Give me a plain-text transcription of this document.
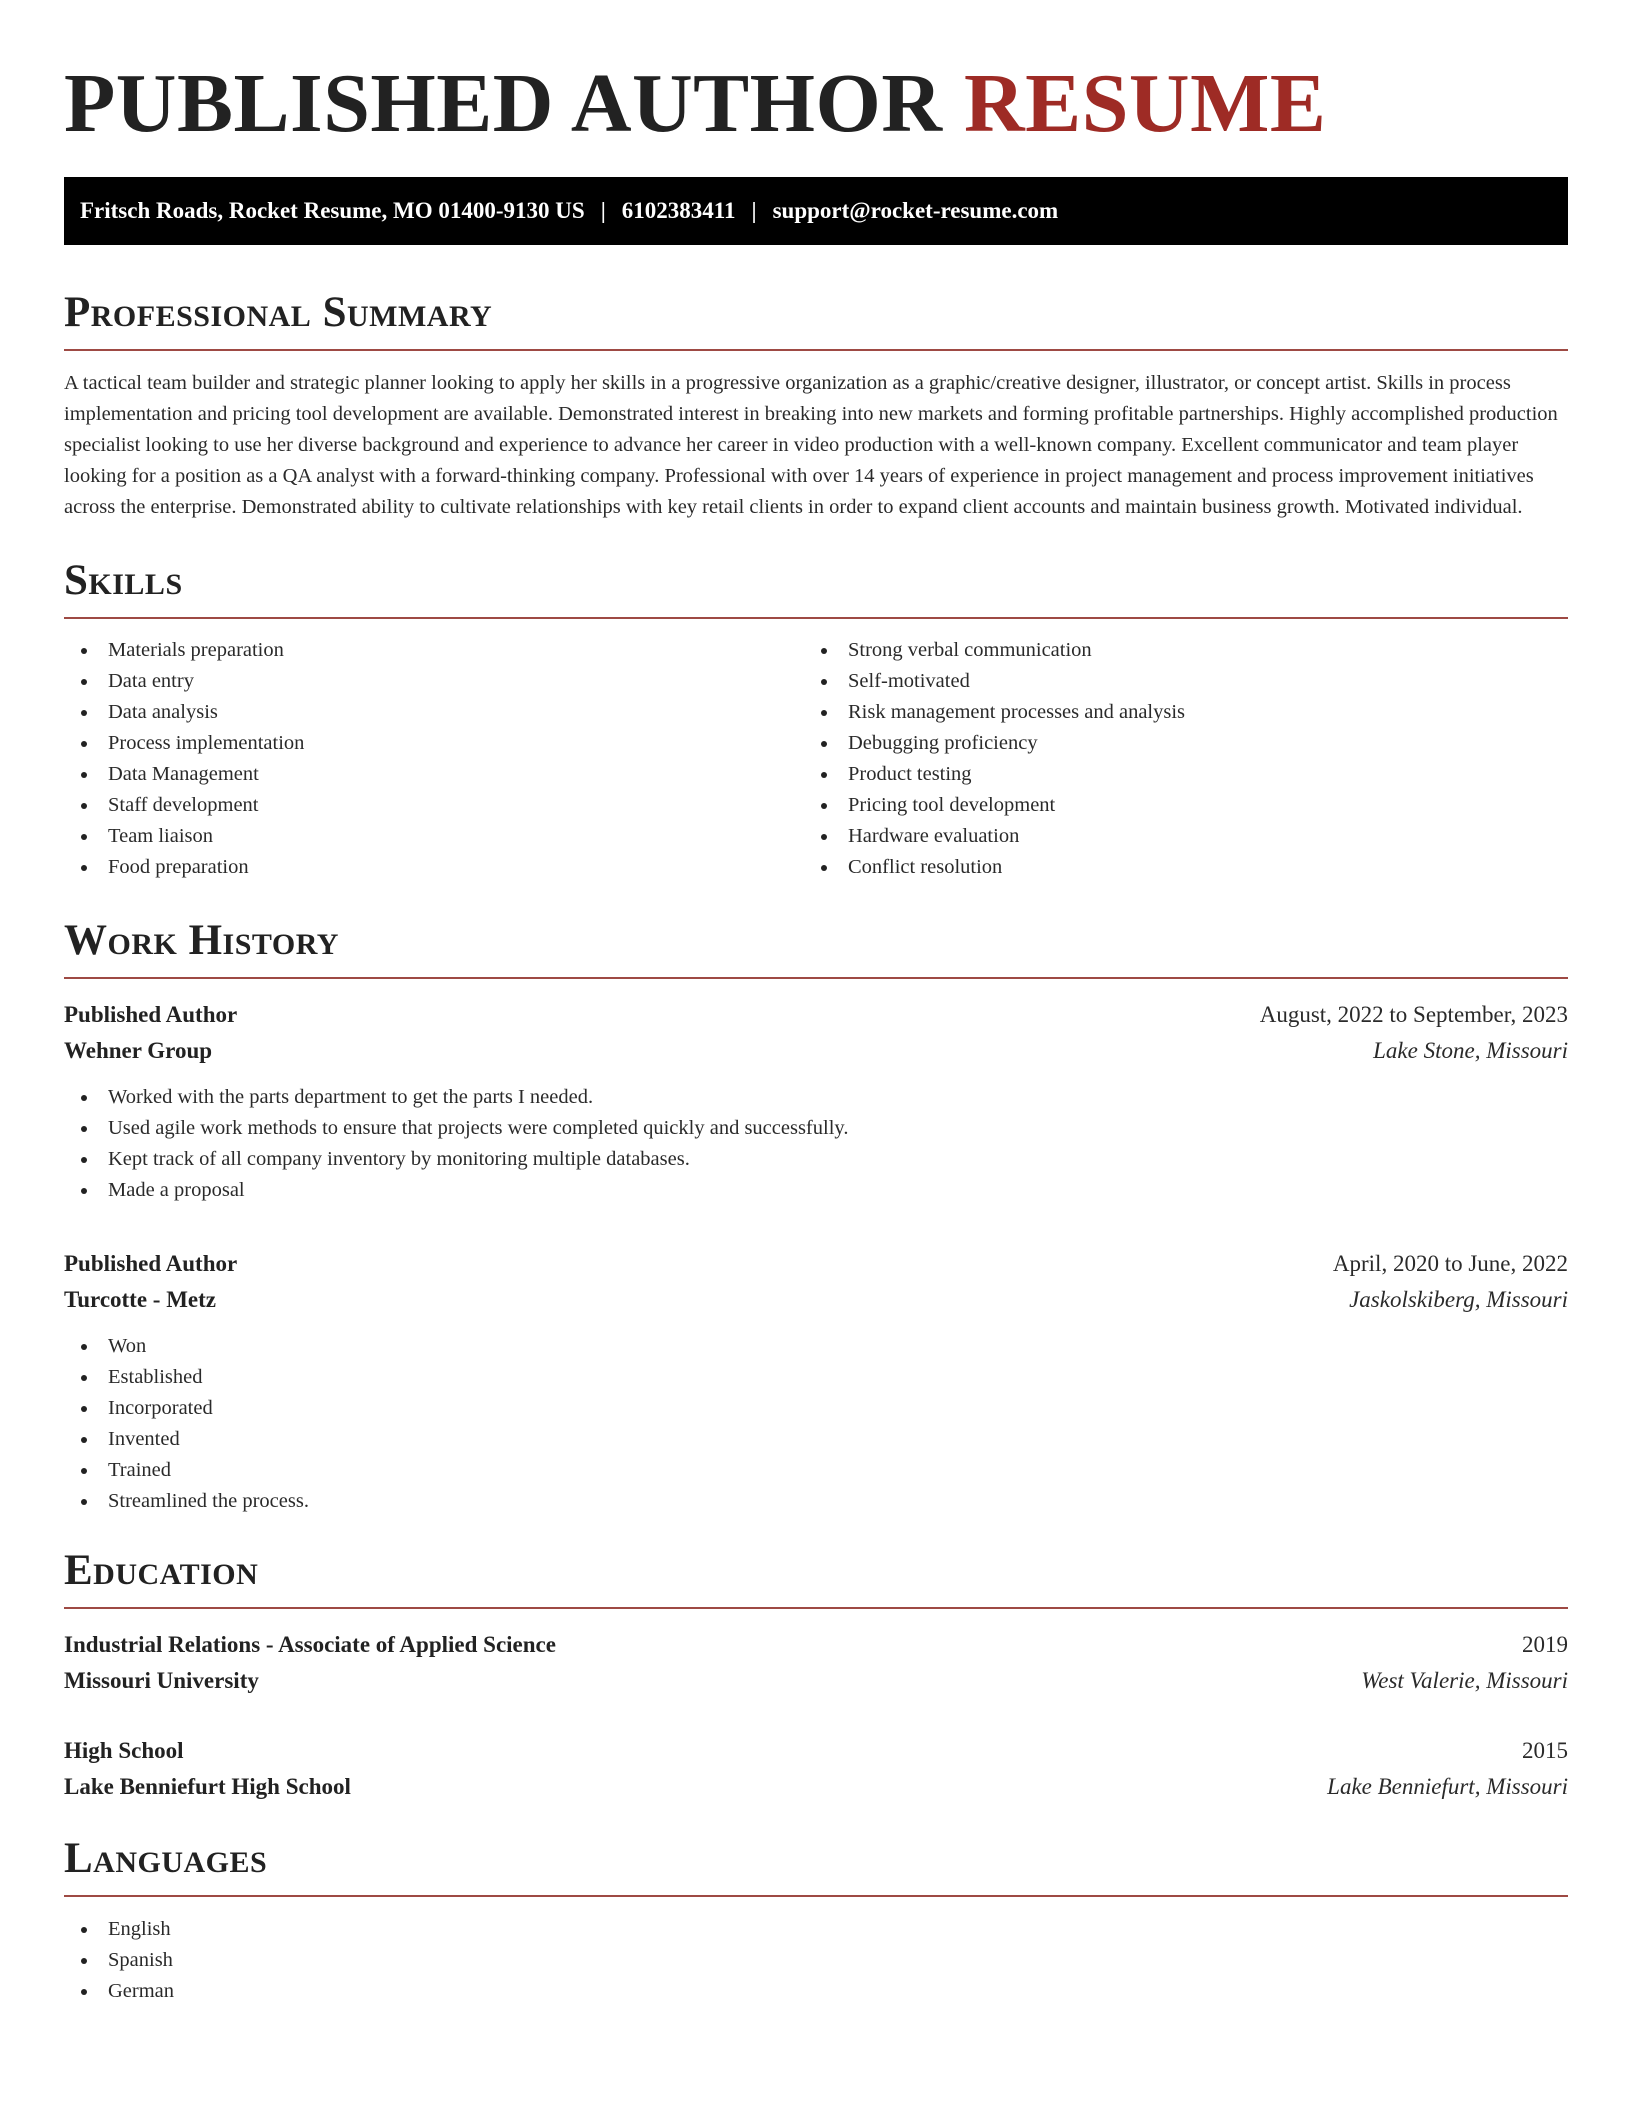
PUBLISHED AUTHOR RESUME
Fritsch Roads, Rocket Resume, MO 01400-9130 US | 6102383411 | support@rocket-resume.com
Professional Summary

A tactical team builder and strategic planner looking to apply her skills in a progressive organization as a graphic/creative designer, illustrator, or concept artist. Skills in process implementation and pricing tool development are available. Demonstrated interest in breaking into new markets and forming profitable partnerships. Highly accomplished production specialist looking to use her diverse background and experience to advance her career in video production with a well-known company. Excellent communicator and team player looking for a position as a QA analyst with a forward-thinking company. Professional with over 14 years of experience in project management and process improvement initiatives across the enterprise. Demonstrated ability to cultivate relationships with key retail clients in order to expand client accounts and maintain business growth. Motivated individual.

Skills
Materials preparation
Data entry
Data analysis
Process implementation
Data Management
Staff development
Team liaison
Food preparation
Strong verbal communication
Self-motivated
Risk management processes and analysis
Debugging proficiency
Product testing
Pricing tool development
Hardware evaluation
Conflict resolution
Work History
Published Author	August, 2022 to September, 2023
Wehner Group	Lake Stone, Missouri
Worked with the parts department to get the parts I needed.
Used agile work methods to ensure that projects were completed quickly and successfully.
Kept track of all company inventory by monitoring multiple databases.
Made a proposal
Published Author	April, 2020 to June, 2022
Turcotte - Metz	Jaskolskiberg, Missouri
Won
Established
Incorporated
Invented
Trained
Streamlined the process.
Education
Industrial Relations - Associate of Applied Science	2019
Missouri University	West Valerie, Missouri
High School	2015
Lake Benniefurt High School	Lake Benniefurt, Missouri
Languages
English
Spanish
German
